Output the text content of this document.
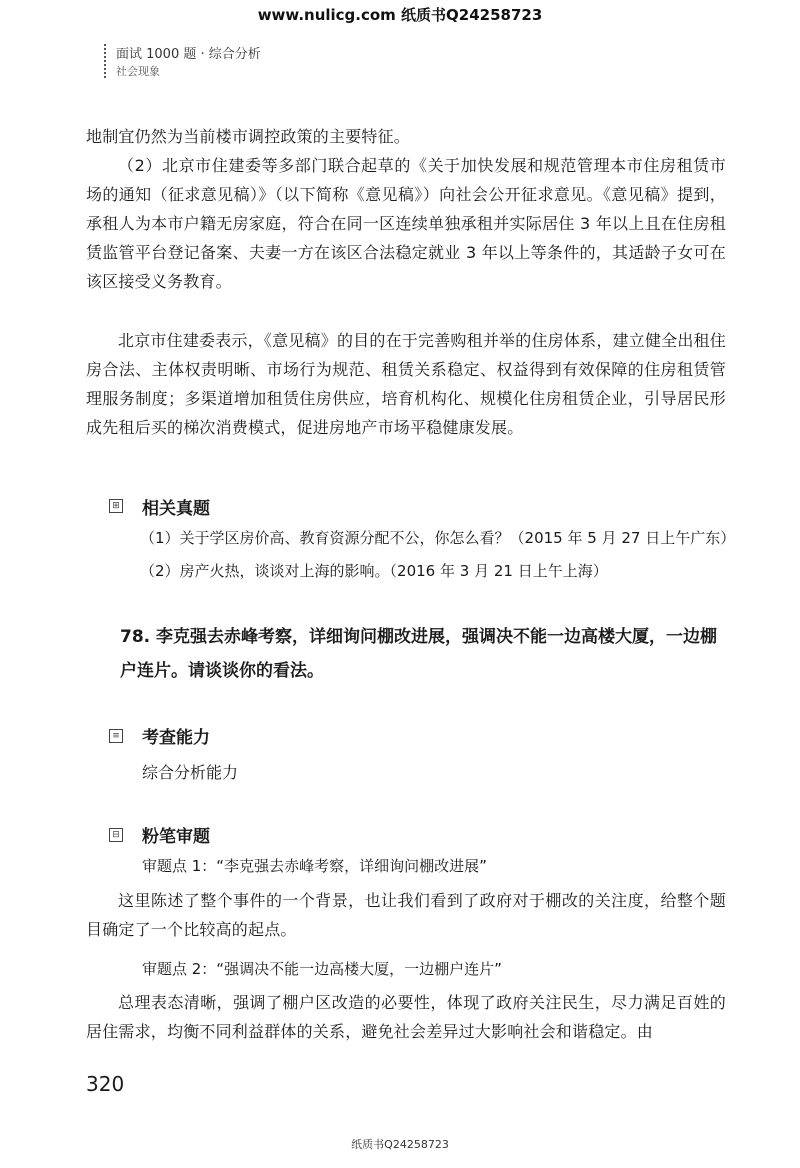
www.nulicg.com 纸质书Q24258723
面试 1000 题 · 综合分析
社会现象
地制宜仍然为当前楼市调控政策的主要特征。
（2）北京市住建委等多部门联合起草的《关于加快发展和规范管理本市住房租赁市场的通知（征求意见稿）》（以下简称《意见稿》）向社会公开征求意见。《意见稿》提到，承租人为本市户籍无房家庭，符合在同一区连续单独承租并实际居住 3 年以上且在住房租赁监管平台登记备案、夫妻一方在该区合法稳定就业 3 年以上等条件的，其适龄子女可在该区接受义务教育。
北京市住建委表示，《意见稿》的目的在于完善购租并举的住房体系，建立健全出租住房合法、主体权责明晰、市场行为规范、租赁关系稳定、权益得到有效保障的住房租赁管理服务制度；多渠道增加租赁住房供应，培育机构化、规模化住房租赁企业，引导居民形成先租后买的梯次消费模式，促进房地产市场平稳健康发展。
⊞ 相关真题
（1）关于学区房价高、教育资源分配不公，你怎么看？（2015 年 5 月 27 日上午广东）
（2）房产火热，谈谈对上海的影响。（2016 年 3 月 21 日上午上海）
78. 李克强去赤峰考察，详细询问棚改进展，强调决不能一边高楼大厦，一边棚户连片。请谈谈你的看法。
≡ 考查能力
综合分析能力
⊟ 粉笔审题
审题点 1：“李克强去赤峰考察，详细询问棚改进展”
这里陈述了整个事件的一个背景，也让我们看到了政府对于棚改的关注度，给整个题目确定了一个比较高的起点。
审题点 2：“强调决不能一边高楼大厦，一边棚户连片”
总理表态清晰，强调了棚户区改造的必要性，体现了政府关注民生，尽力满足百姓的居住需求，均衡不同利益群体的关系，避免社会差异过大影响社会和谐稳定。由
320
纸质书Q24258723
